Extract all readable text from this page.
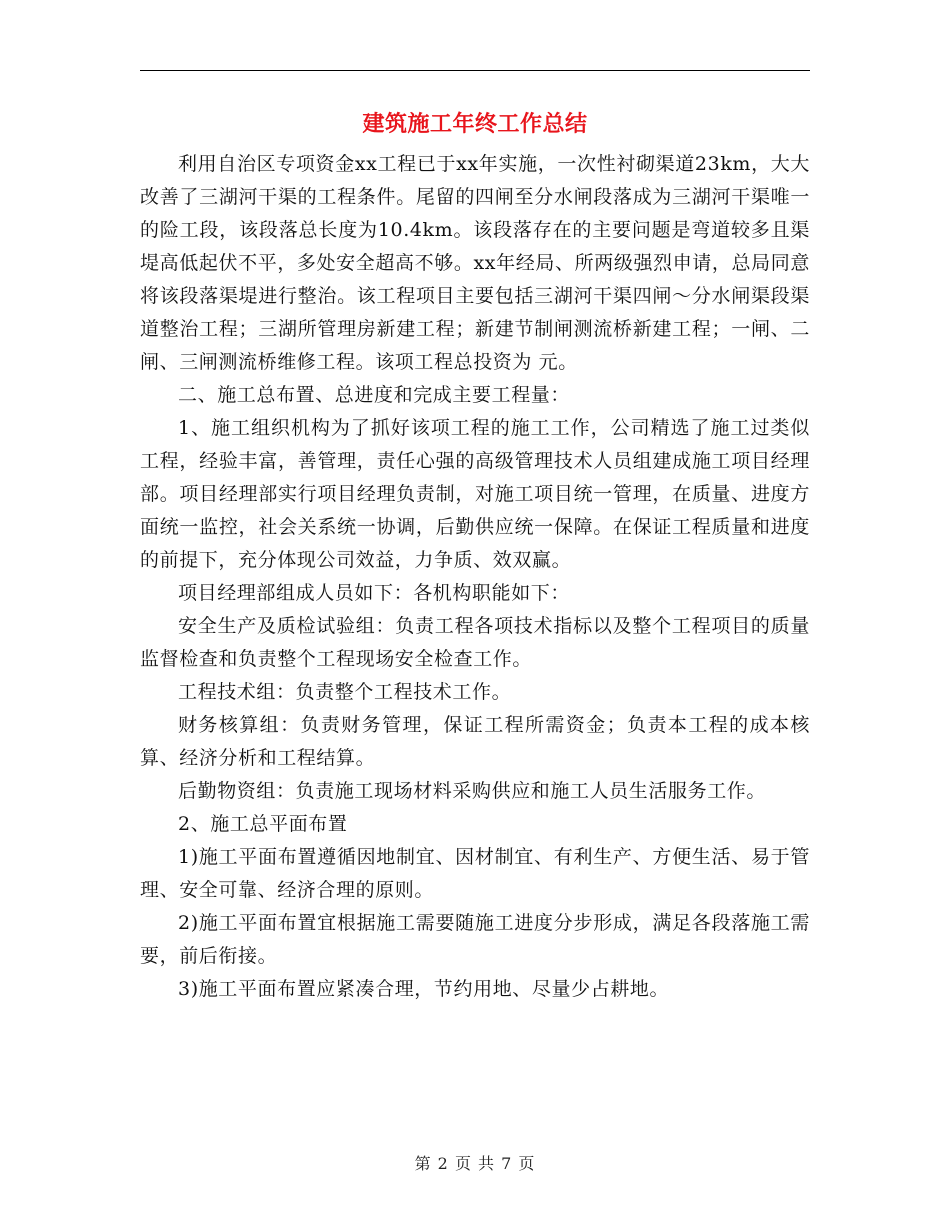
建筑施工年终工作总结

利用自治区专项资金xx工程已于xx年实施，一次性衬砌渠道23km，大大改善了三湖河干渠的工程条件。尾留的四闸至分水闸段落成为三湖河干渠唯一的险工段，该段落总长度为10.4km。该段落存在的主要问题是弯道较多且渠堤高低起伏不平，多处安全超高不够。xx年经局、所两级强烈申请，总局同意将该段落渠堤进行整治。该工程项目主要包括三湖河干渠四闸～分水闸渠段渠道整治工程；三湖所管理房新建工程；新建节制闸测流桥新建工程；一闸、二闸、三闸测流桥维修工程。该项工程总投资为 元。

二、施工总布置、总进度和完成主要工程量：

1、施工组织机构为了抓好该项工程的施工工作，公司精选了施工过类似工程，经验丰富，善管理，责任心强的高级管理技术人员组建成施工项目经理部。项目经理部实行项目经理负责制，对施工项目统一管理，在质量、进度方面统一监控，社会关系统一协调，后勤供应统一保障。在保证工程质量和进度的前提下，充分体现公司效益，力争质、效双赢。

项目经理部组成人员如下：各机构职能如下：

安全生产及质检试验组：负责工程各项技术指标以及整个工程项目的质量监督检查和负责整个工程现场安全检查工作。

工程技术组：负责整个工程技术工作。

财务核算组：负责财务管理，保证工程所需资金；负责本工程的成本核算、经济分析和工程结算。

后勤物资组：负责施工现场材料采购供应和施工人员生活服务工作。

2、施工总平面布置

1)施工平面布置遵循因地制宜、因材制宜、有利生产、方便生活、易于管理、安全可靠、经济合理的原则。

2)施工平面布置宜根据施工需要随施工进度分步形成，满足各段落施工需要，前后衔接。

3)施工平面布置应紧凑合理，节约用地、尽量少占耕地。

第 2 页 共 7 页
